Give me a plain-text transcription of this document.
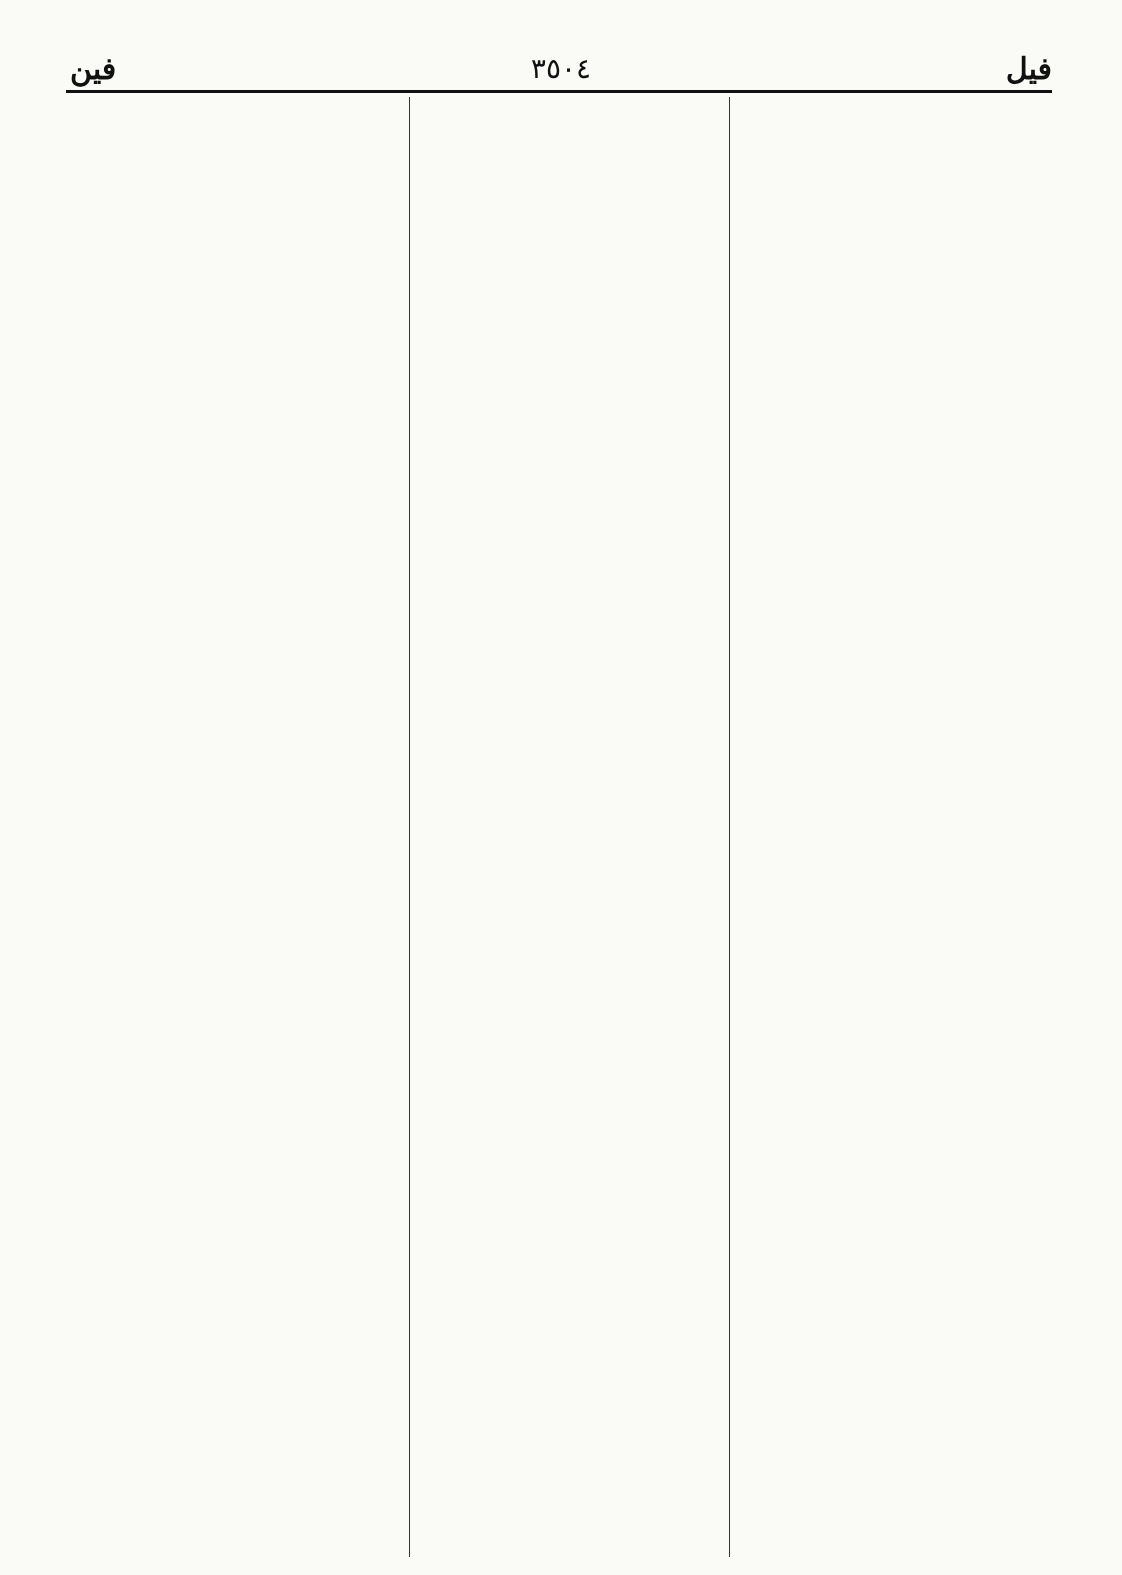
فيل
٣٥٠٤
فين
